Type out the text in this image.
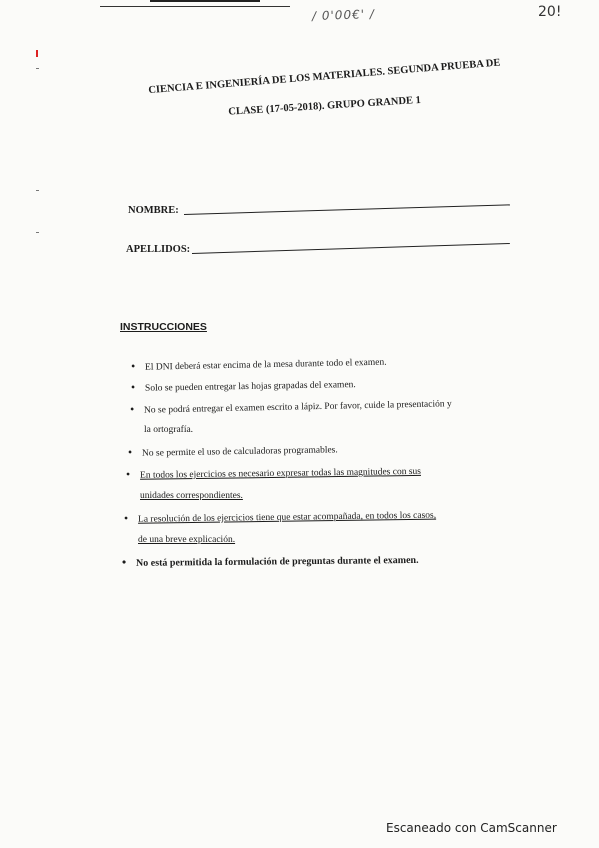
/ 0'00€' /	20!
CIENCIA E INGENIERÍA DE LOS MATERIALES. SEGUNDA PRUEBA DE
CLASE (17-05-2018). GRUPO GRANDE 1
NOMBRE:
APELLIDOS:
INSTRUCCIONES
• El DNI deberá estar encima de la mesa durante todo el examen.
• Solo se pueden entregar las hojas grapadas del examen.
• No se podrá entregar el examen escrito a lápiz. Por favor, cuide la presentación y
la ortografía.
• No se permite el uso de calculadoras programables.
• En todos los ejercicios es necesario expresar todas las magnitudes con sus
unidades correspondientes.
• La resolución de los ejercicios tiene que estar acompañada, en todos los casos,
de una breve explicación.
• No está permitida la formulación de preguntas durante el examen.
Escaneado con CamScanner
